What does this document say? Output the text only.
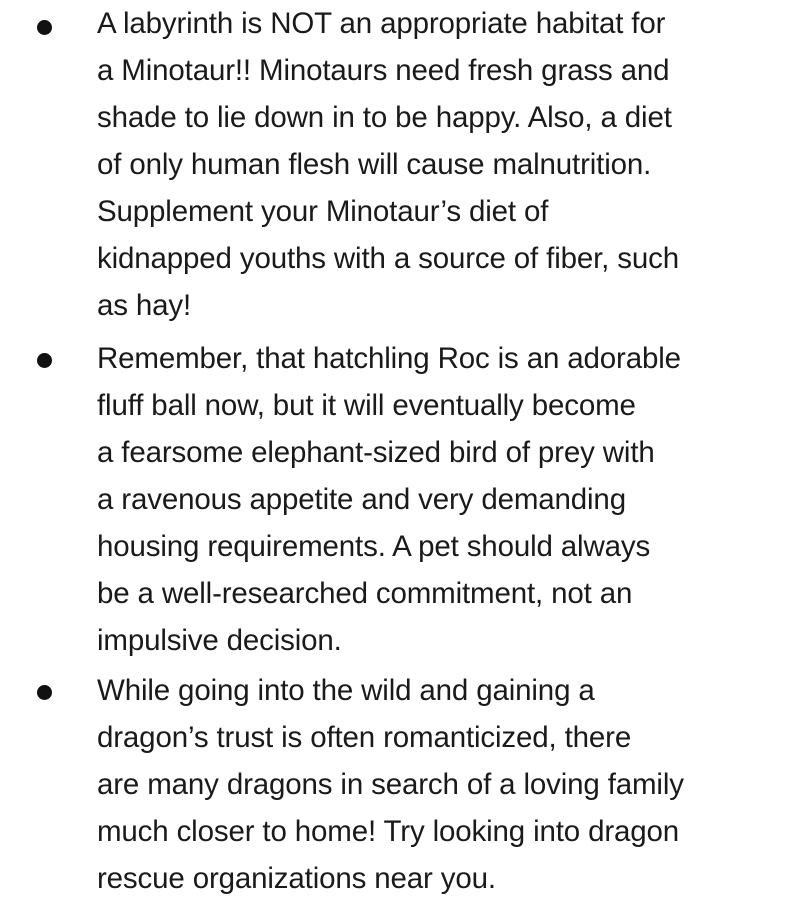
A labyrinth is NOT an appropriate habitat for
a Minotaur!! Minotaurs need fresh grass and
shade to lie down in to be happy. Also, a diet
of only human flesh will cause malnutrition.
Supplement your Minotaur’s diet of
kidnapped youths with a source of fiber, such
as hay!
Remember, that hatchling Roc is an adorable
fluff ball now, but it will eventually become
a fearsome elephant-sized bird of prey with
a ravenous appetite and very demanding
housing requirements. A pet should always
be a well-researched commitment, not an
impulsive decision.
While going into the wild and gaining a
dragon’s trust is often romanticized, there
are many dragons in search of a loving family
much closer to home! Try looking into dragon
rescue organizations near you.
